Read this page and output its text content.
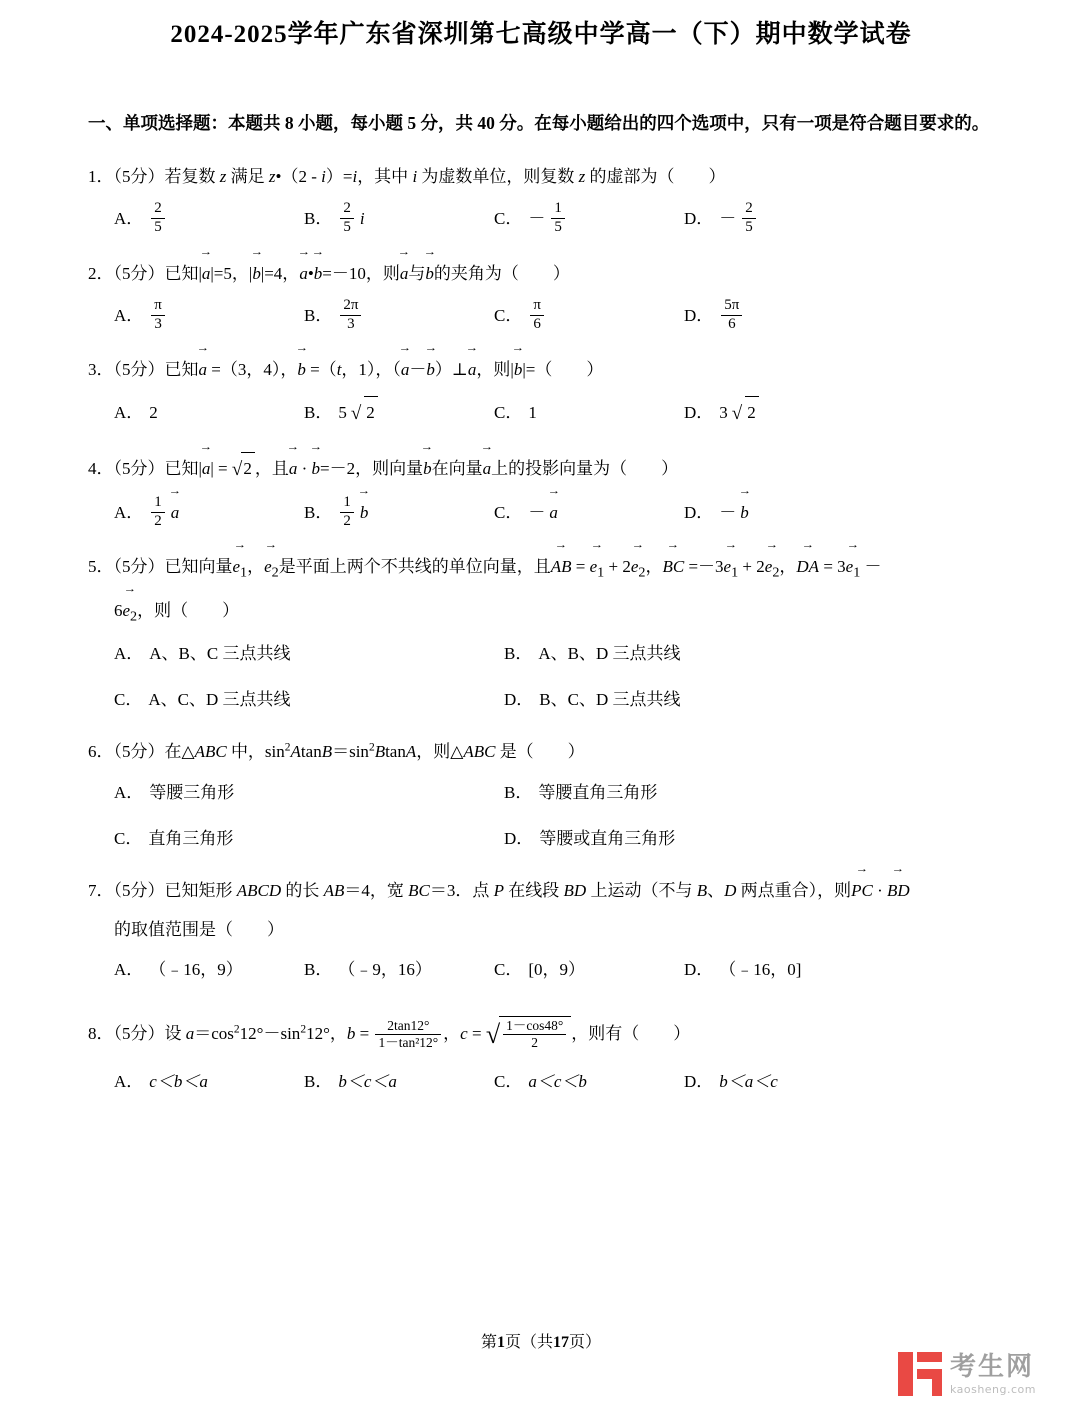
2024-2025学年广东省深圳第七高级中学高一（下）期中数学试卷
一、单项选择题：本题共 8 小题，每小题 5 分，共 40 分。在每小题给出的四个选项中，只有一项是符合题目要求的。
1．（5分）若复数 z 满足 z•（2 - i）=i，其中 i 为虚数单位，则复数 z 的虚部为（　　）
A． $\frac{2}{5}$	B． $\frac{2}{5}$ i	C． － $\frac{1}{5}$	D． － $\frac{2}{5}$
2．（5分）已知|→ a|=5，|→ b|=4，→ a•→ b=－10，则→ a与→ b的夹角为（　　）
A． $\frac{\pi}{3}$	B． $\frac{2\pi}{3}$	C． $\frac{\pi}{6}$	D． $\frac{5\pi}{6}$
3．（5分）已知→ a =（3，4），→ b =（t，1），（→ a－→ b）⊥→ a，则|→ b|=（　　）
A． 2	B． 5 √ 2	C． 1	D． 3 √ 2
4．（5分）已知|→ a| = √2 ，且→ a · → b=－2，则向量→ b在向量→ a上的投影向量为（　　）
A． $\frac{1}{2} \to a$	B． $\frac{1}{2} \to b$	C． － → a	D． － → b
5．（5分）已知向量→ $e_1$，→ $e_2$是平面上两个不共线的单位向量，且→ AB = → $e_1 + 2\to e_2$，→ BC $=-3\to e_1 + 2\to e_2$，→ DA = $3\to e_1$ －
$6\to e_2$，则（　　）
A． A、B、C 三点共线	B． A、B、D 三点共线
C． A、C、D 三点共线	D． B、C、D 三点共线
6．（5分）在△ABC 中，$\sin^2AtanB=\sin^2BtanA$，则△ABC 是（　　）
A． 等腰三角形	B． 等腰直角三角形
C． 直角三角形	D． 等腰或直角三角形
7．（5分）已知矩形 ABCD 的长 AB＝4，宽 BC＝3．点 P 在线段 BD 上运动（不与 B、D 两点重合），则→ PC · → BD
的取值范围是（　　）
A． （﹣16，9）	B． （﹣9，16）	C． [0，9）	D． （﹣16，0]
8．（5分）设 $a=\cos^212^\circ-\sin^212^\circ$，$b = \frac{2\tan 12^\circ}{\text{1－tan²12°}}$ ，c = √ $\frac{1-\cos 48^\circ}{2}$ ，则有（　　）
A． c＜b＜a	B． b＜c＜a	C． a＜c＜b	D． b＜a＜c
第1页（共17页）
考生网
kaosheng.com
